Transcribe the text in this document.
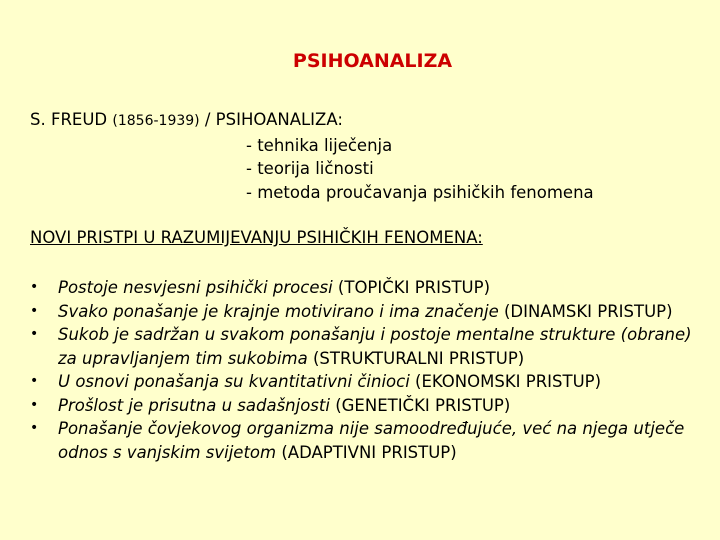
PSIHOANALIZA
S. FREUD (1856-1939) / PSIHOANALIZA:
- tehnika liječenja
- teorija ličnosti
- metoda proučavanja psihičkih fenomena
NOVI PRISTPI U RAZUMIJEVANJU PSIHIČKIH FENOMENA:
• Postoje nesvjesni psihički procesi (TOPIČKI PRISTUP)
• Svako ponašanje je krajnje motivirano i ima značenje (DINAMSKI PRISTUP)
• Sukob je sadržan u svakom ponašanju i postoje mentalne strukture (obrane) za upravljanjem tim sukobima (STRUKTURALNI PRISTUP)
• U osnovi ponašanja su kvantitativni činioci (EKONOMSKI PRISTUP)
• Prošlost je prisutna u sadašnjosti (GENETIČKI PRISTUP)
• Ponašanje čovjekovog organizma nije samoodređujuće, već na njega utječe odnos s vanjskim svijetom (ADAPTIVNI PRISTUP)
